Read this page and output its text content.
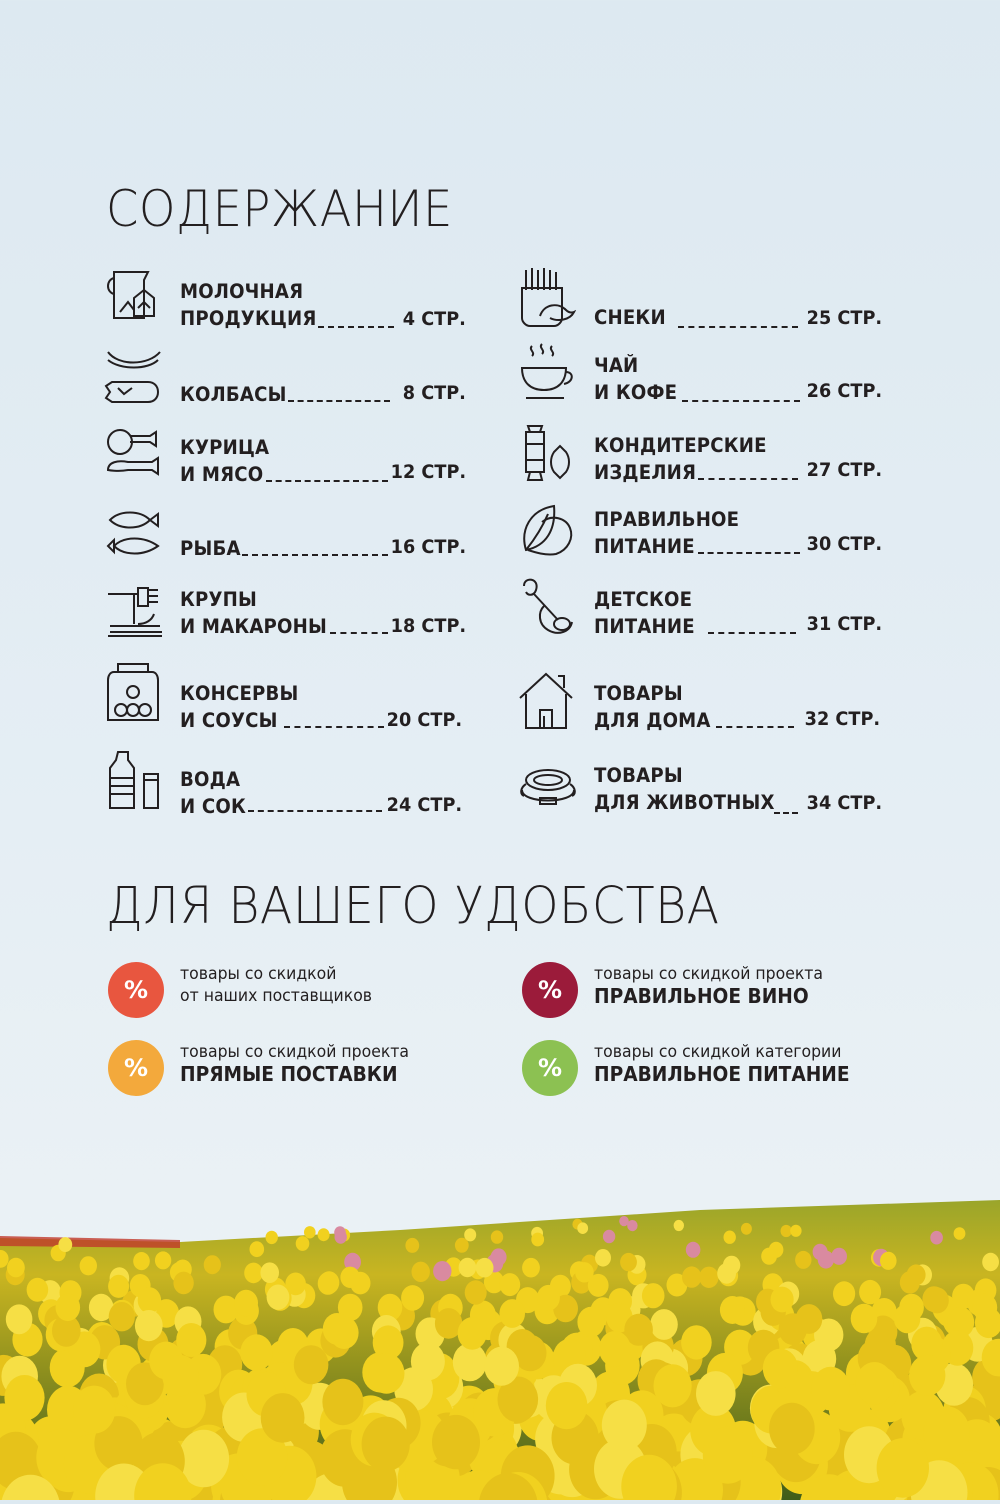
СОДЕРЖАНИЕ
МОЛОЧНАЯ
ПРОДУКЦИЯ	4 СТР.
КОЛБАСЫ	8 СТР.
КУРИЦА
И МЯСО	12 СТР.
РЫБА	16 СТР.
КРУПЫ
И МАКАРОНЫ	18 СТР.
КОНСЕРВЫ
И СОУСЫ	20 СТР.
ВОДА
И СОК	24 СТР.
СНЕКИ	25 СТР.
ЧАЙ
И КОФЕ	26 СТР.
КОНДИТЕРСКИЕ
ИЗДЕЛИЯ	27 СТР.
ПРАВИЛЬНОЕ
ПИТАНИЕ	30 СТР.
ДЕТСКОЕ
ПИТАНИЕ	31 СТР.
ТОВАРЫ
ДЛЯ ДОМА	32 СТР.
ТОВАРЫ
ДЛЯ ЖИВОТНЫХ 34 СТР.
ДЛЯ ВАШЕГО УДОБСТВА
%
товары со скидкой
от наших поставщиков	%
товары со скидкой проекта
ПРАВИЛЬНОЕ ВИНО
%
товары со скидкой проекта
ПРЯМЫЕ ПОСТАВКИ	%
товары со скидкой категории
ПРАВИЛЬНОЕ ПИТАНИЕ
